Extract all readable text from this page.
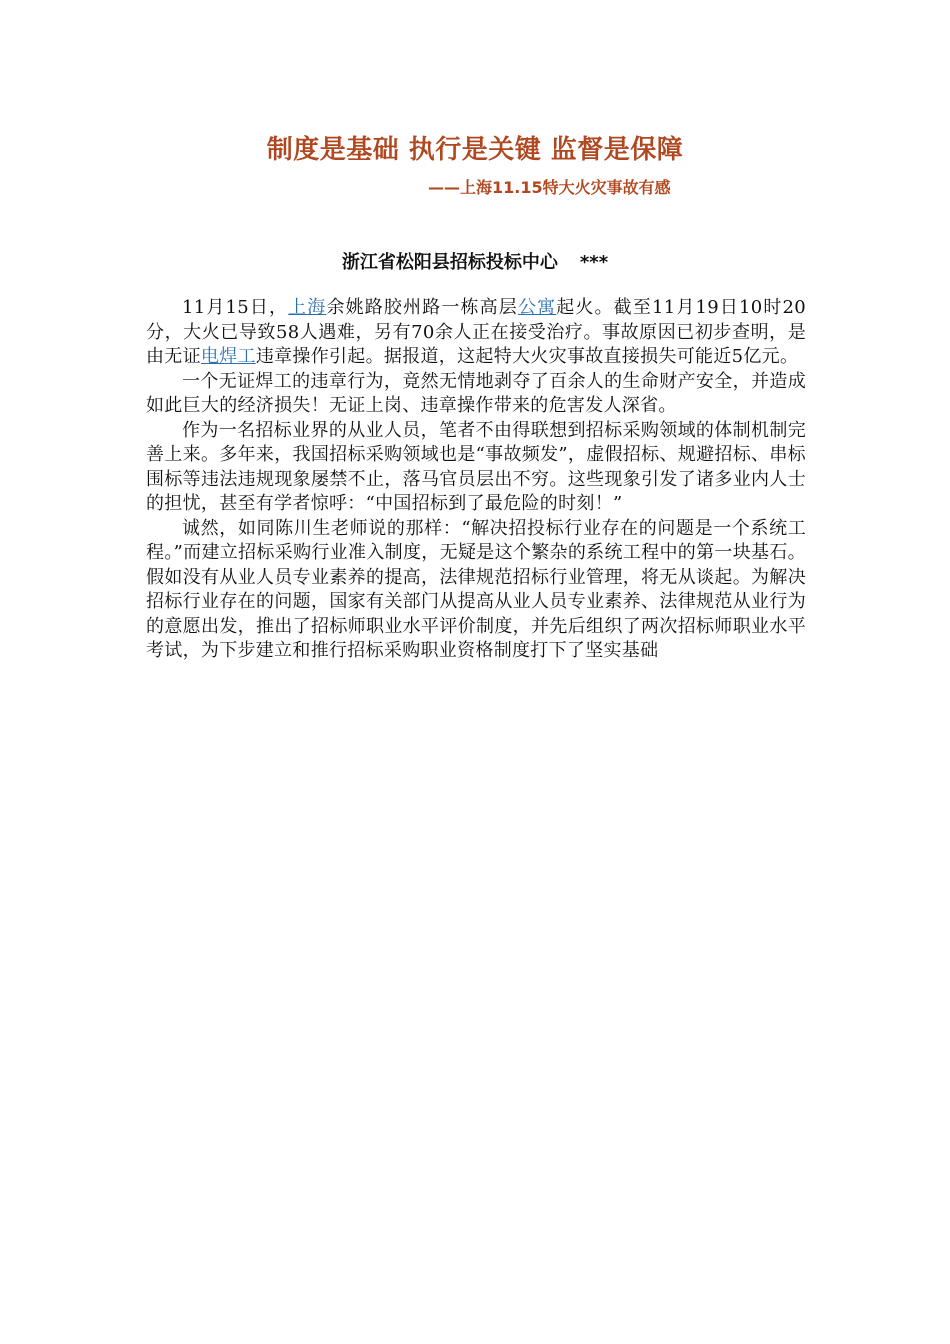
制度是基础 执行是关键 监督是保障
——上海11.15特大火灾事故有感
浙江省松阳县招标投标中心 ***

11月15日，上海余姚路胶州路一栋高层公寓起火。截至11月19日10时20分，大火已导致58人遇难，另有70余人正在接受治疗。事故原因已初步查明，是由无证电焊工违章操作引起。据报道，这起特大火灾事故直接损失可能近5亿元。

一个无证焊工的违章行为，竟然无情地剥夺了百余人的生命财产安全，并造成如此巨大的经济损失！无证上岗、违章操作带来的危害发人深省。

作为一名招标业界的从业人员，笔者不由得联想到招标采购领域的体制机制完善上来。多年来，我国招标采购领域也是“事故频发”，虚假招标、规避招标、串标围标等违法违规现象屡禁不止，落马官员层出不穷。这些现象引发了诸多业内人士的担忧，甚至有学者惊呼：“中国招标到了最危险的时刻！”

诚然，如同陈川生老师说的那样：“解决招投标行业存在的问题是一个系统工程。”而建立招标采购行业准入制度，无疑是这个繁杂的系统工程中的第一块基石。假如没有从业人员专业素养的提高，法律规范招标行业管理，将无从谈起。为解决招标行业存在的问题，国家有关部门从提高从业人员专业素养、法律规范从业行为的意愿出发，推出了招标师职业水平评价制度，并先后组织了两次招标师职业水平考试，为下步建立和推行招标采购职业资格制度打下了坚实基础
